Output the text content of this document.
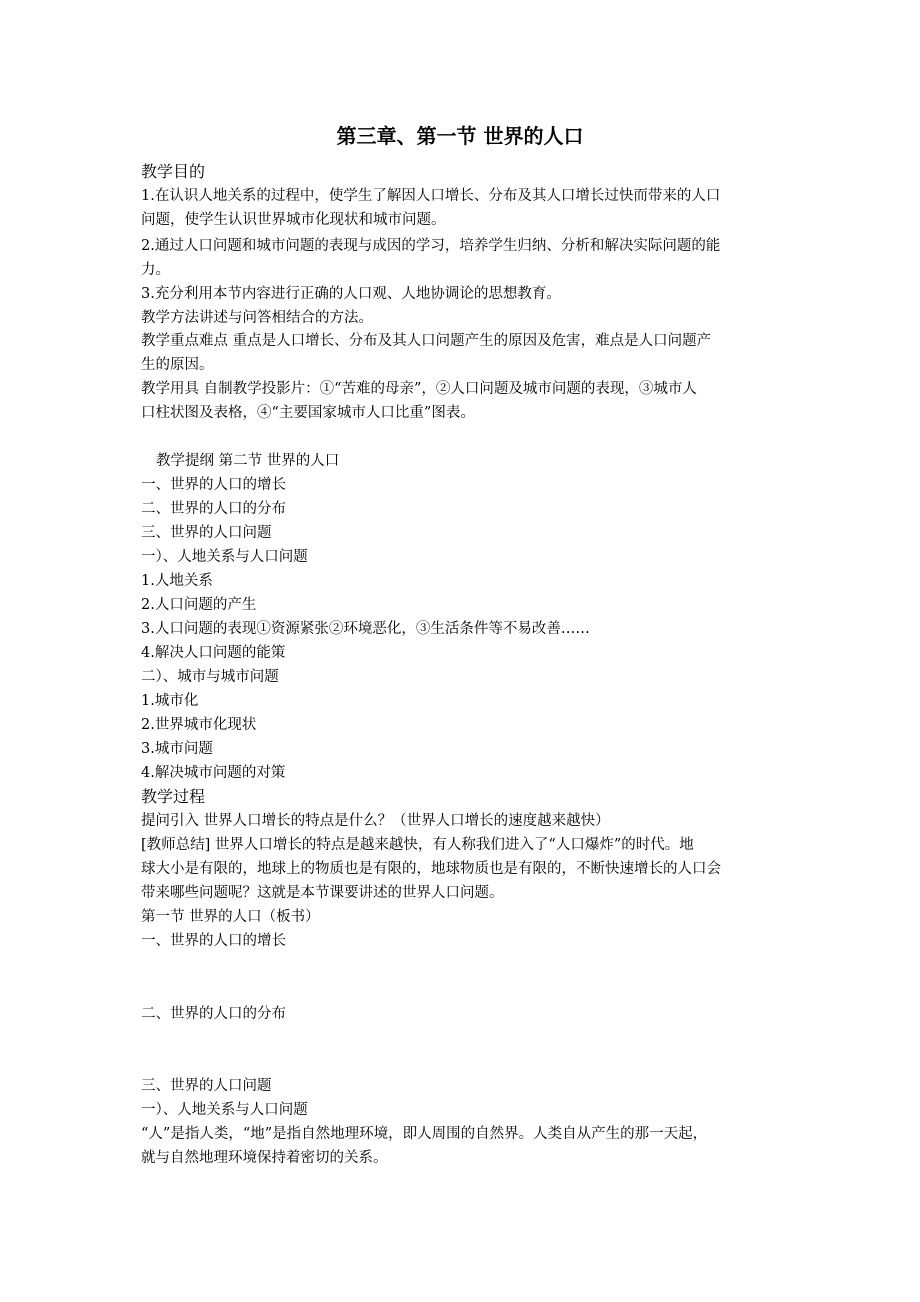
第三章、第一节 世界的人口
教学目的
1.在认识人地关系的过程中，使学生了解因人口增长、分布及其人口增长过快而带来的人口
问题，使学生认识世界城市化现状和城市问题。
2.通过人口问题和城市问题的表现与成因的学习，培养学生归纳、分析和解决实际问题的能
力。
3.充分利用本节内容进行正确的人口观、人地协调论的思想教育。
教学方法讲述与问答相结合的方法。
教学重点难点 重点是人口增长、分布及其人口问题产生的原因及危害，难点是人口问题产
生的原因。
教学用具 自制教学投影片：①“苦难的母亲”，②人口问题及城市问题的表现，③城市人
口柱状图及表格，④“主要国家城市人口比重”图表。
教学提纲 第二节 世界的人口
一、世界的人口的增长
二、世界的人口的分布
三、世界的人口问题
一）、人地关系与人口问题
1.人地关系
2.人口问题的产生
3.人口问题的表现①资源紧张②环境恶化，③生活条件等不易改善……
4.解决人口问题的能策
二）、城市与城市问题
1.城市化
2.世界城市化现状
3.城市问题
4.解决城市问题的对策
教学过程
提问引入 世界人口增长的特点是什么？（世界人口增长的速度越来越快）
[教师总结] 世界人口增长的特点是越来越快，有人称我们进入了“人口爆炸”的时代。地
球大小是有限的，地球上的物质也是有限的，地球物质也是有限的，不断快速增长的人口会
带来哪些问题呢？这就是本节课要讲述的世界人口问题。
第一节 世界的人口（板书）
一、世界的人口的增长
二、世界的人口的分布
三、世界的人口问题
一）、人地关系与人口问题
“人”是指人类，“地”是指自然地理环境，即人周围的自然界。人类自从产生的那一天起，
就与自然地理环境保持着密切的关系。
